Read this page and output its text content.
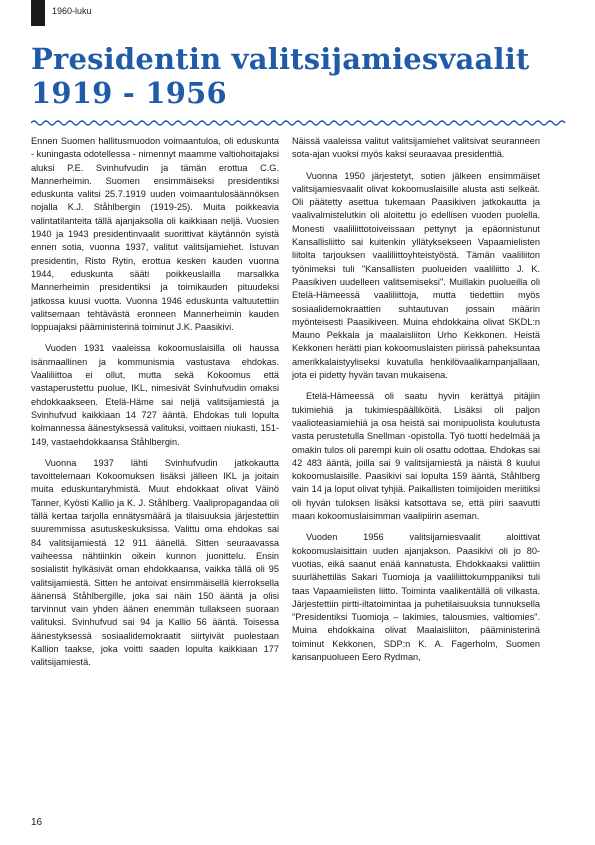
1960-luku
Presidentin valitsijamiesvaalit
1919 - 1956

Ennen Suomen hallitusmuodon voimaantuloa, oli eduskunta - kuningasta odotellessa - nimennyt maamme valtiohoitajaksi aluksi P.E. Svinhufvudin ja tämän erottua C.G. Mannerheimin. Suomen ensimmäiseksi presidentiksi eduskunta valitsi 25.7.1919 uuden voimaantulosäännöksen nojalla K.J. Ståhlbergin (1919-25). Muita poikkeavia valintatilanteita tällä ajanjaksolla oli kaikkiaan neljä. Vuosien 1940 ja 1943 presidentinvaalit suorittivat käytännön syistä ennen sotia, vuonna 1937, valitut valitsijamiehet. Istuvan presidentin, Risto Rytin, erottua kesken kauden vuonna 1944, eduskunta sääti poikkeuslailla marsalkka Mannerheimin presidentiksi ja toimikauden pituudeksi jatkossa kuusi vuotta. Vuonna 1946 eduskunta valtuutettiin valitsemaan tehtävästä eronneen Mannerheimin kauden loppuajaksi pääministerinä toiminut J.K. Paasikivi.

Vuoden 1931 vaaleissa kokoomuslaisilla oli haussa isänmaallinen ja kommunismia vastustava ehdokas. Vaaliliittoa ei ollut, mutta sekä Kokoomus että vastaperustettu puolue, IKL, nimesivät Svinhufvudin omaksi ehdokkaakseen. Etelä-Häme sai neljä valitsijamiestä ja Svinhufvud kaikkiaan 14 727 ääntä. Ehdokas tuli lopulta kolmannessa äänestyksessä valituksi, voittaen niukasti, 151-149, vastaehdokkaansa Ståhlbergin.

Vuonna 1937 lähti Svinhufvudin jatkokautta tavoittelemaan Kokoomuksen lisäksi jälleen IKL ja joitain muita eduskuntaryhmistä. Muut ehdokkaat olivat Väinö Tanner, Kyösti Kallio ja K. J. Ståhlberg. Vaalipropagandaa oli tällä kertaa tarjolla ennätysmäärä ja tilaisuuksia järjestettiin suuremmissa asutuskeskuksissa. Valittu oma ehdokas sai 84 valitsijamiestä 12 911 äänellä. Sitten seuraavassa vaiheessa nähtiinkin oikein kunnon juonittelu. Ensin sosialistit hylkäsivät oman ehdokkaansa, vaikka tällä oli 95 valitsijamiestä. Sitten he antoivat ensimmäisellä kierroksella äänensä Ståhlbergille, joka sai näin 150 ääntä ja olisi tarvinnut vain yhden äänen enemmän tullakseen suoraan valituksi. Svinhufvud sai 94 ja Kallio 56 ääntä. Toisessa äänestyksessä sosiaalidemokraatit siirtyivät puolestaan Kallion taakse, joka voitti saaden lopulta kaikkiaan 177 valitsijamiestä.

Näissä vaaleissa valitut valitsijamiehet valitsivat seuranneen sota-ajan vuoksi myös kaksi seuraavaa presidenttiä.

Vuonna 1950 järjestetyt, sotien jälkeen ensimmäiset valitsijamiesvaalit olivat kokoomuslaisille alusta asti selkeät. Oli päätetty asettua tukemaan Paasikiven jatkokautta ja vaalivalmistelutkin oli aloitettu jo edellisen vuoden puolella. Monesti vaaliliittotoiveissaan pettynyt ja epäonnistunut Kansallisliitto sai kuitenkin yllätyksekseen Vapaamielisten liitolta tarjouksen vaaliliittoyhteistyöstä. Tämän vaaliliiton työnimeksi tuli "Kansallisten puolueiden vaaliliitto J. K. Paasikiven uudelleen valitsemiseksi". Muillakin puolueilla oli Etelä-Hämeessä vaaliliittoja, mutta tiedettiin myös sosiaalidemokraattien suhtautuvan jossain määrin myönteisesti Paasikiveen. Muina ehdokkaina olivat SKDL:n Mauno Pekkala ja maalaisliiton Urho Kekkonen. Heistä Kekkonen herätti pian kokoomuslaisten piirissä paheksuntaa amerikkalaistyyliseksi kuvatulla henkilövaalikampanjallaan, jota ei pidetty hyvän tavan mukaisena.

Etelä-Hämeessä oli saatu hyvin kerättyä pitäjiin tukimiehiä ja tukimiespäälliköitä. Lisäksi oli paljon vaalioteasiamiehiä ja osa heistä sai monipuolista koulutusta vasta perustetulla Snellman -opistolla. Työ tuotti hedelmää ja omakin tulos oli parempi kuin oli osattu odottaa. Ehdokas sai 42 483 ääntä, joilla sai 9 valitsijamiestä ja näistä 8 kuului kokoomuslaisille. Paasikivi sai lopulta 159 ääntä, Ståhlberg vain 14 ja loput olivat tyhjiä. Paikallisten toimijoiden meriitiksi oli hyvän tuloksen lisäksi katsottava se, että piiri saavutti maan kokoomuslaisimman vaalipiirin aseman.

Vuoden 1956 valitsijamiesvaalit aloittivat kokoomuslaisittain uuden ajanjakson. Paasikivi oli jo 80-vuotias, eikä saanut enää kannatusta. Ehdokkaaksi valittiin suurlähettiläs Sakari Tuomioja ja vaaliliittokumppaniksi tuli taas Vapaamielisten liitto. Toiminta vaalikentällä oli vilkasta. Järjestettiin pirtti-iltatoimintaa ja puhetilaisuuksia tunnuksella "Presidentiksi Tuomioja – lakimies, talousmies, valtiomies". Muina ehdokkaina olivat Maalaisliiton, pääministerinä toiminut Kekkonen, SDP:n K. A. Fagerholm, Suomen kansanpuolueen Eero Rydman,

16
